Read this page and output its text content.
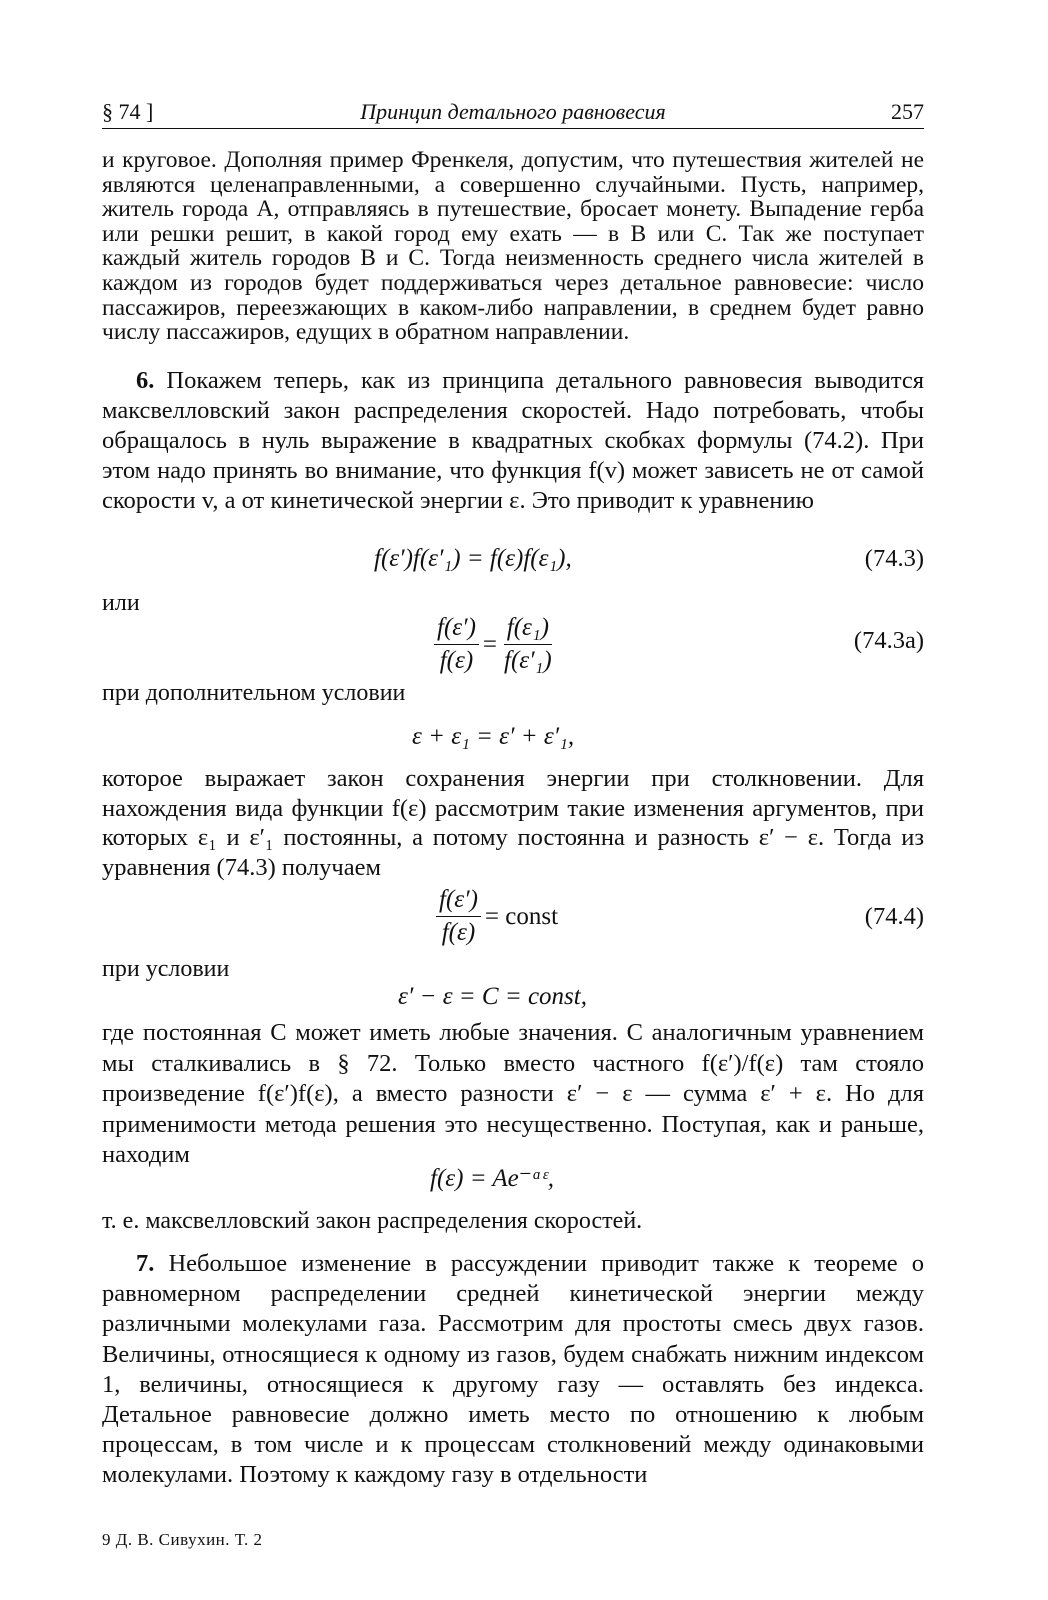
§ 74 ]	Принцип детального равновесия	257
и круговое. Дополняя пример Френкеля, допустим, что путешествия жителей не являются целенаправленными, а совершенно случайными. Пусть, например, житель города A, отправляясь в путешествие, бросает монету. Выпадение герба или решки решит, в какой город ему ехать — в B или C. Так же поступает каждый житель городов B и C. Тогда неизменность среднего числа жителей в каждом из городов будет поддерживаться через детальное равновесие: число пассажиров, переезжающих в каком-либо направлении, в среднем будет равно числу пассажиров, едущих в обратном направлении.
6. Покажем теперь, как из принципа детального равновесия выводится максвелловский закон распределения скоростей. Надо потребовать, чтобы обращалось в нуль выражение в квадратных скобках формулы (74.2). При этом надо принять во внимание, что функция f(v) может зависеть не от самой скорости v, а от кинетической энергии ε. Это приводит к уравнению
f(ε′)f(ε′₁) = f(ε)f(ε₁),	(74.3)
или
$\frac{f(\varepsilon')}{f(\varepsilon)} = \frac{\text{f(ε₁)}}{\text{f(ε′₁)}}$	(74.3a)
при дополнительном условии
ε + ε₁ = ε′ + ε′₁,
которое выражает закон сохранения энергии при столкновении. Для нахождения вида функции f(ε) рассмотрим такие изменения аргументов, при которых ε₁ и ε′₁ постоянны, а потому постоянна и разность ε′ − ε. Тогда из уравнения (74.3) получаем
$\frac{f(\varepsilon')}{f(\varepsilon)}$ = const	(74.4)
при условии
ε′ − ε = C = const,
где постоянная C может иметь любые значения. С аналогичным уравнением мы сталкивались в § 72. Только вместо частного f(ε′)/f(ε) там стояло произведение f(ε′)f(ε), а вместо разности ε′ − ε — сумма ε′ + ε. Но для применимости метода решения это несущественно. Поступая, как и раньше, находим
f(ε) = Ae⁻ᵅᵋ,
т. е. максвелловский закон распределения скоростей.
7. Небольшое изменение в рассуждении приводит также к теореме о равномерном распределении средней кинетической энергии между различными молекулами газа. Рассмотрим для простоты смесь двух газов. Величины, относящиеся к одному из газов, будем снабжать нижним индексом 1, величины, относящиеся к другому газу — оставлять без индекса. Детальное равновесие должно иметь место по отношению к любым процессам, в том числе и к процессам столкновений между одинаковыми молекулами. Поэтому к каждому газу в отдельности
9 Д. В. Сивухин. Т. 2
